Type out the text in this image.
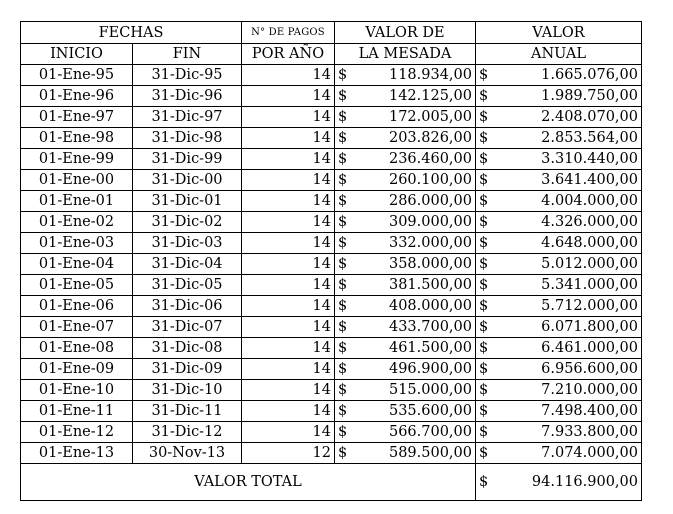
FECHAS		N° DE PAGOS	VALOR DE		VALOR	
INICIO	FIN	POR AÑO	LA MESADA		ANUAL	
01-Ene-95	31-Dic-95	14	$	118.934,00	$	1.665.076,00
01-Ene-96	31-Dic-96	14	$	142.125,00	$	1.989.750,00
01-Ene-97	31-Dic-97	14	$	172.005,00	$	2.408.070,00
01-Ene-98	31-Dic-98	14	$	203.826,00	$	2.853.564,00
01-Ene-99	31-Dic-99	14	$	236.460,00	$	3.310.440,00
01-Ene-00	31-Dic-00	14	$	260.100,00	$	3.641.400,00
01-Ene-01	31-Dic-01	14	$	286.000,00	$	4.004.000,00
01-Ene-02	31-Dic-02	14	$	309.000,00	$	4.326.000,00
01-Ene-03	31-Dic-03	14	$	332.000,00	$	4.648.000,00
01-Ene-04	31-Dic-04	14	$	358.000,00	$	5.012.000,00
01-Ene-05	31-Dic-05	14	$	381.500,00	$	5.341.000,00
01-Ene-06	31-Dic-06	14	$	408.000,00	$	5.712.000,00
01-Ene-07	31-Dic-07	14	$	433.700,00	$	6.071.800,00
01-Ene-08	31-Dic-08	14	$	461.500,00	$	6.461.000,00
01-Ene-09	31-Dic-09	14	$	496.900,00	$	6.956.600,00
01-Ene-10	31-Dic-10	14	$	515.000,00	$	7.210.000,00
01-Ene-11	31-Dic-11	14	$	535.600,00	$	7.498.400,00
01-Ene-12	31-Dic-12	14	$	566.700,00	$	7.933.800,00
01-Ene-13	30-Nov-13	12	$	589.500,00	$	7.074.000,00
VALOR TOTAL					$	94.116.900,00
